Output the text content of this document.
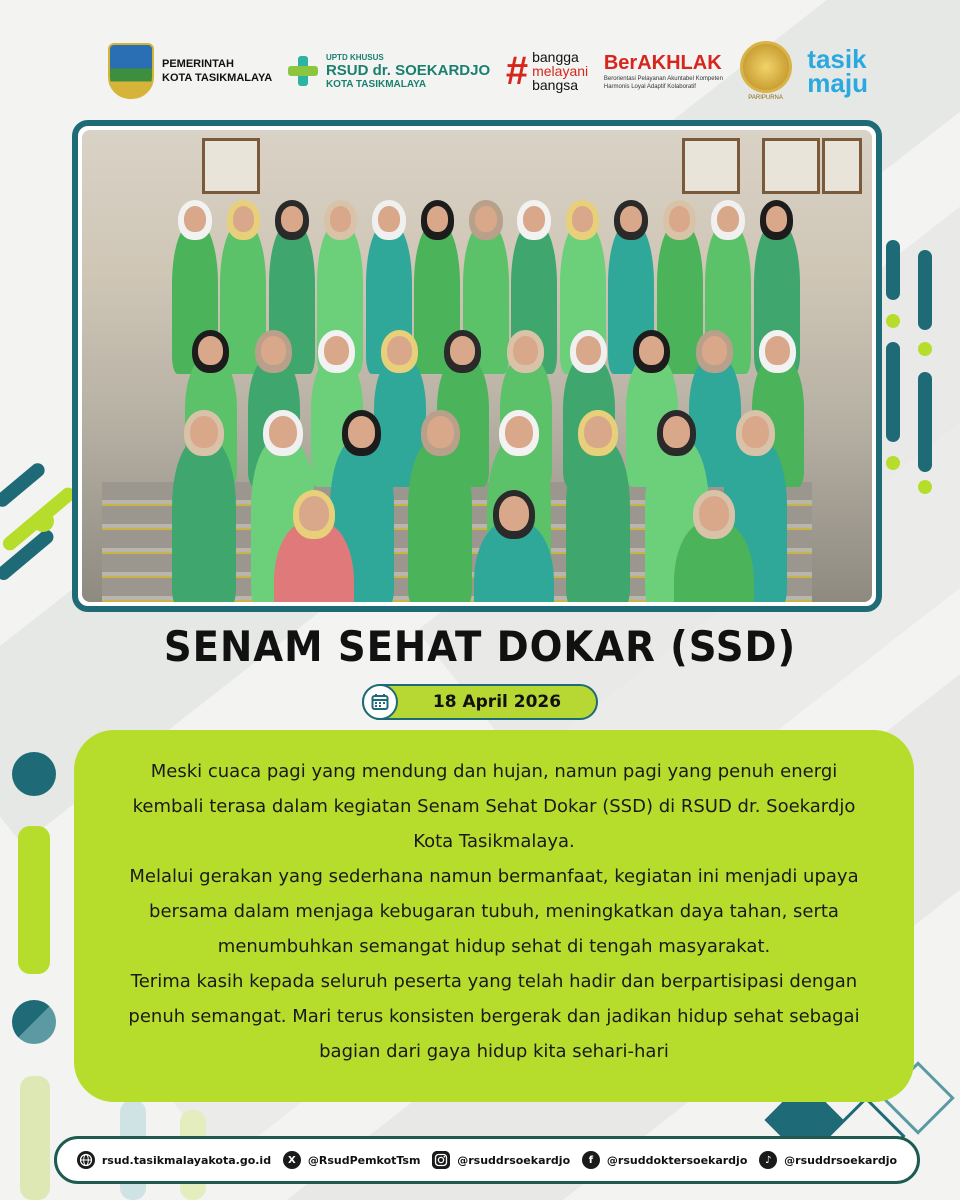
PEMERINTAH
KOTA TASIKMALAYA
UPTD KHUSUS
RSUD dr. SOEKARDJO
KOTA TASIKMALAYA	# bangga
melayani
bangsa
BerAKHLAK
Berorientasi Pelayanan Akuntabel Kompeten Harmonis Loyal Adaptif Kolaboratif
PARIPURNA
tasik
maju
SENAM SEHAT DOKAR (SSD)
18 April 2026

Meski cuaca pagi yang mendung dan hujan, namun pagi yang penuh energi kembali terasa dalam kegiatan Senam Sehat Dokar (SSD) di RSUD dr. Soekardjo Kota Tasikmalaya.

Melalui gerakan yang sederhana namun bermanfaat, kegiatan ini menjadi upaya bersama dalam menjaga kebugaran tubuh, meningkatkan daya tahan, serta menumbuhkan semangat hidup sehat di tengah masyarakat.

Terima kasih kepada seluruh peserta yang telah hadir dan berpartisipasi dengan penuh semangat. Mari terus konsisten bergerak dan jadikan hidup sehat sebagai bagian dari gaya hidup kita sehari-hari

rsud.tasikmalayakota.go.id	X	@RsudPemkotTsm	@rsuddrsoekardjo	f	@rsuddoktersoekardjo	♪	@rsuddrsoekardjo
